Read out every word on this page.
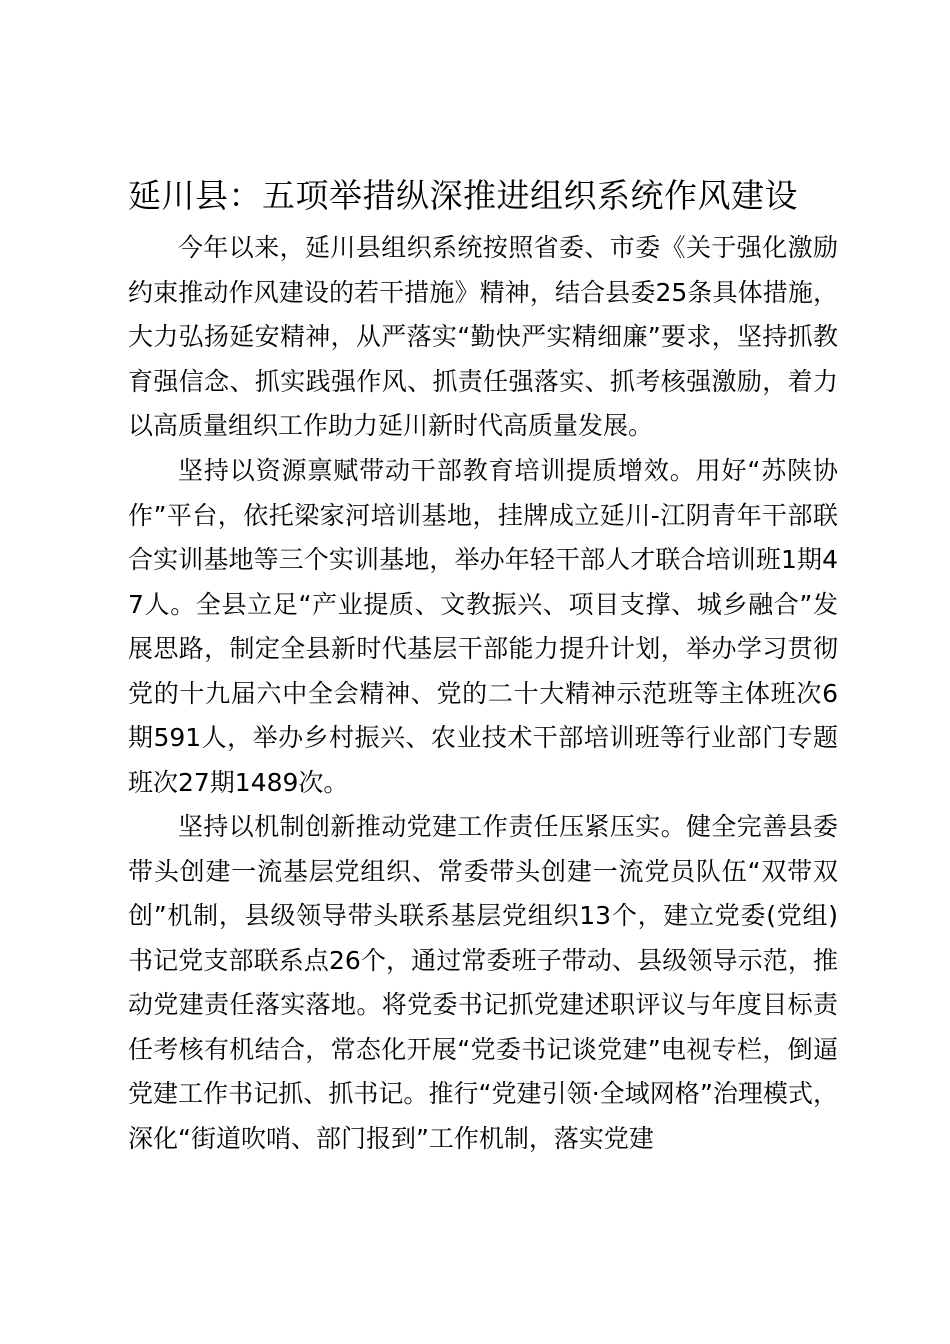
延川县：五项举措纵深推进组织系统作风建设

今年以来，延川县组织系统按照省委、市委《关于强化激励约束推动作风建设的若干措施》精神，结合县委25条具体措施，大力弘扬延安精神，从严落实“勤快严实精细廉”要求，坚持抓教育强信念、抓实践强作风、抓责任强落实、抓考核强激励，着力以高质量组织工作助力延川新时代高质量发展。

坚持以资源禀赋带动干部教育培训提质增效。用好“苏陕协作”平台，依托梁家河培训基地，挂牌成立延川-江阴青年干部联合实训基地等三个实训基地，举办年轻干部人才联合培训班1期47人。全县立足“产业提质、文教振兴、项目支撑、城乡融合”发展思路，制定全县新时代基层干部能力提升计划，举办学习贯彻党的十九届六中全会精神、党的二十大精神示范班等主体班次6期591人，举办乡村振兴、农业技术干部培训班等行业部门专题班次27期1489次。

坚持以机制创新推动党建工作责任压紧压实。健全完善县委带头创建一流基层党组织、常委带头创建一流党员队伍“双带双创”机制，县级领导带头联系基层党组织13个，建立党委(党组)书记党支部联系点26个，通过常委班子带动、县级领导示范，推动党建责任落实落地。将党委书记抓党建述职评议与年度目标责任考核有机结合，常态化开展“党委书记谈党建”电视专栏，倒逼党建工作书记抓、抓书记。推行“党建引领·全域网格”治理模式，深化“街道吹哨、部门报到”工作机制，落实党建
